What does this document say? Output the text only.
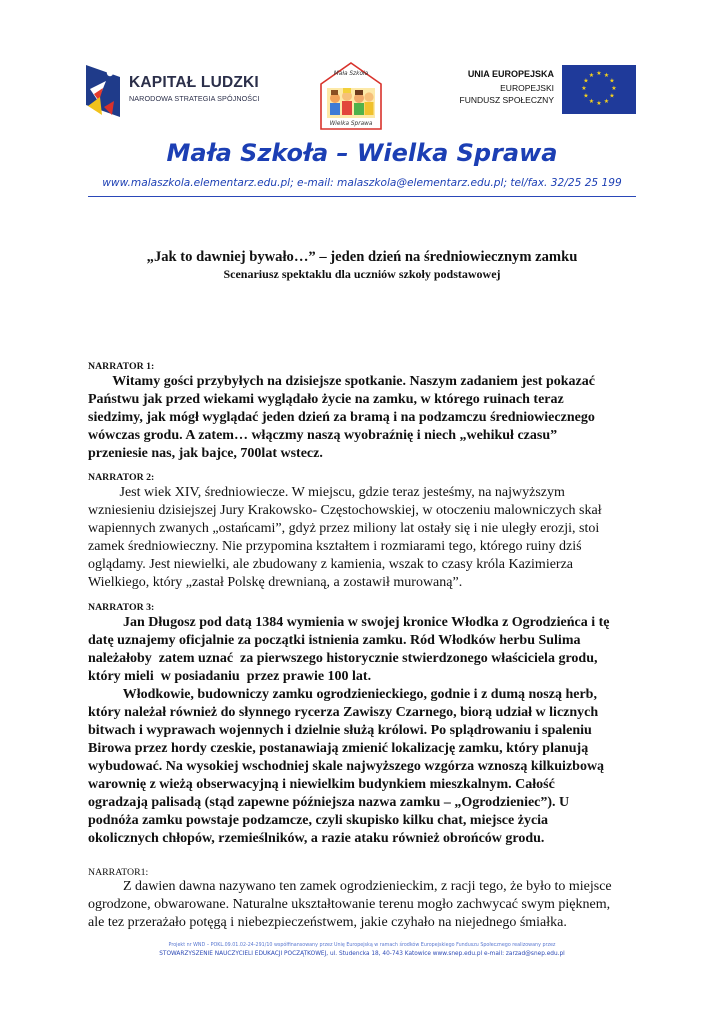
KAPITAŁ LUDZKI
NARODOWA STRATEGIA SPÓJNOŚCI
Mała Szkoła
Wielka Sprawa
UNIA EUROPEJSKA
EUROPEJSKI
FUNDUSZ SPOŁECZNY
★ ★
★
★
★
★
★
★
★
★
★
★
Mała Szkoła – Wielka Sprawa
www.malaszkola.elementarz.edu.pl; e-mail: malaszkola@elementarz.edu.pl; tel/fax. 32/25 25 199
„Jak to dawniej bywało…” – jeden dzień na średniowiecznym zamku
Scenariusz spektaklu dla uczniów szkoły podstawowej
NARRATOR 1:
Witamy gości przybyłych na dzisiejsze spotkanie. Naszym zadaniem jest pokazać
Państwu jak przed wiekami wyglądało życie na zamku, w którego ruinach teraz
siedzimy, jak mógł wyglądać jeden dzień za bramą i na podzamczu średniowiecznego
wówczas grodu. A zatem… włączmy naszą wyobraźnię i niech „wehikuł czasu”
przeniesie nas, jak bajce, 700lat wstecz.
NARRATOR 2:
Jest wiek XIV, średniowiecze. W miejscu, gdzie teraz jesteśmy, na najwyższym
wzniesieniu dzisiejszej Jury Krakowsko- Częstochowskiej, w otoczeniu malowniczych skał
wapiennych zwanych „ostańcami”, gdyż przez miliony lat ostały się i nie uległy erozji, stoi
zamek średniowieczny. Nie przypomina kształtem i rozmiarami tego, którego ruiny dziś
oglądamy. Jest niewielki, ale zbudowany z kamienia, wszak to czasy króla Kazimierza
Wielkiego, który „zastał Polskę drewnianą, a zostawił murowaną”.
NARRATOR 3:
Jan Długosz pod datą 1384 wymienia w swojej kronice Włodka z Ogrodzieńca i tę
datę uznajemy oficjalnie za początki istnienia zamku. Ród Włodków herbu Sulima
należałoby  zatem uznać  za pierwszego historycznie stwierdzonego właściciela grodu,
który mieli  w posiadaniu  przez prawie 100 lat.
Włodkowie, budowniczy zamku ogrodzienieckiego, godnie i z dumą noszą herb,
który należał również do słynnego rycerza Zawiszy Czarnego, biorą udział w licznych
bitwach i wyprawach wojennych i dzielnie służą królowi. Po splądrowaniu i spaleniu
Birowa przez hordy czeskie, postanawiają zmienić lokalizację zamku, który planują
wybudować. Na wysokiej wschodniej skale najwyższego wzgórza wznoszą kilkuizbową
warownię z wieżą obserwacyjną i niewielkim budynkiem mieszkalnym. Całość
ogradzają palisadą (stąd zapewne późniejsza nazwa zamku – „Ogrodzieniec”). U
podnóża zamku powstaje podzamcze, czyli skupisko kilku chat, miejsce życia
okolicznych chłopów, rzemieślników, a razie ataku również obrońców grodu.
NARRATOR1:
Z dawien dawna nazywano ten zamek ogrodzienieckim, z racji tego, że było to miejsce
ogrodzone, obwarowane. Naturalne ukształtowanie terenu mogło zachwycać swym pięknem,
ale tez przerażało potęgą i niebezpieczeństwem, jakie czyhało na niejednego śmiałka.
Projekt nr WND – POKL.09.01.02-24-291/10 współfinansowany przez Unię Europejską w ramach środków Europejskiego Funduszu Społecznego realizowany przez
STOWARZYSZENIE NAUCZYCIELI EDUKACJI POCZĄTKOWEJ, ul. Studencka 18, 40-743 Katowice www.snep.edu.pl e-mail: zarzad@snep.edu.pl
